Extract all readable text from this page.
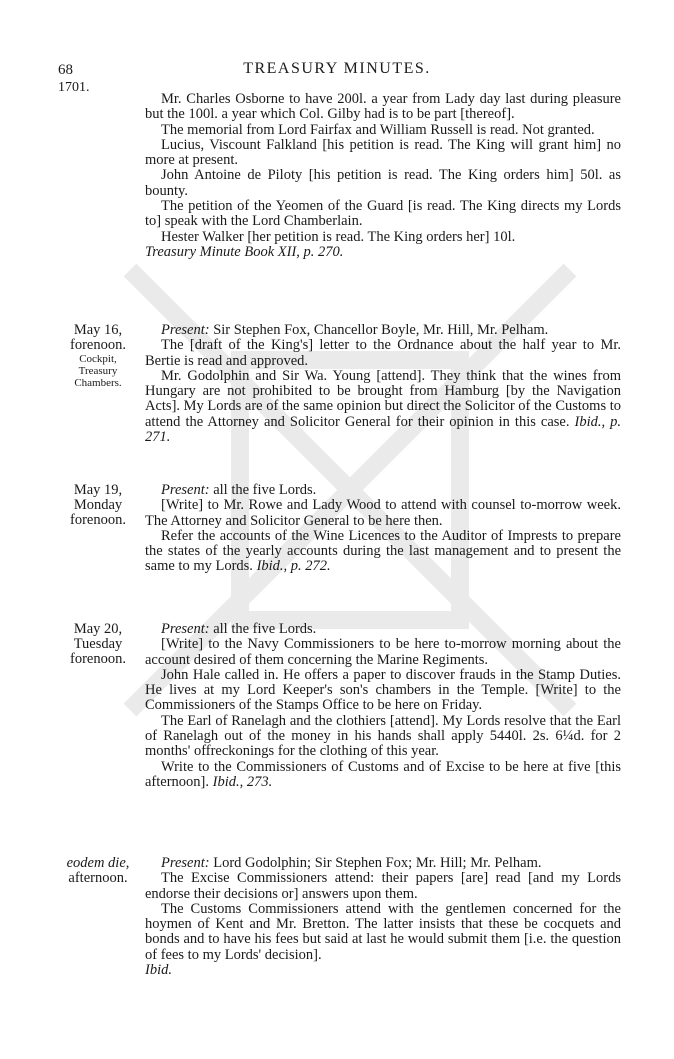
68	TREASURY MINUTES.
1701.

Mr. Charles Osborne to have 200l. a year from Lady day last during pleasure but the 100l. a year which Col. Gilby had is to be part [thereof].

The memorial from Lord Fairfax and William Russell is read. Not granted.

Lucius, Viscount Falkland [his petition is read. The King will grant him] no more at present.

John Antoine de Piloty [his petition is read. The King orders him] 50l. as bounty.

The petition of the Yeomen of the Guard [is read. The King directs my Lords to] speak with the Lord Chamberlain.

Hester Walker [her petition is read. The King orders her] 10l.

Treasury Minute Book XII, p. 270.

May 16,
forenoon.
Cockpit,
Treasury
Chambers.

Present: Sir Stephen Fox, Chancellor Boyle, Mr. Hill, Mr. Pelham.

The [draft of the King's] letter to the Ordnance about the half year to Mr. Bertie is read and approved.

Mr. Godolphin and Sir Wa. Young [attend]. They think that the wines from Hungary are not prohibited to be brought from Hamburg [by the Navigation Acts]. My Lords are of the same opinion but direct the Solicitor of the Customs to attend the Attorney and Solicitor General for their opinion in this case. Ibid., p. 271.

May 19,
Monday
forenoon.

Present: all the five Lords.

[Write] to Mr. Rowe and Lady Wood to attend with counsel to-morrow week. The Attorney and Solicitor General to be here then.

Refer the accounts of the Wine Licences to the Auditor of Imprests to prepare the states of the yearly accounts during the last management and to present the same to my Lords. Ibid., p. 272.

May 20,
Tuesday
forenoon.

Present: all the five Lords.

[Write] to the Navy Commissioners to be here to-morrow morning about the account desired of them concerning the Marine Regiments.

John Hale called in. He offers a paper to discover frauds in the Stamp Duties. He lives at my Lord Keeper's son's chambers in the Temple. [Write] to the Commissioners of the Stamps Office to be here on Friday.

The Earl of Ranelagh and the clothiers [attend]. My Lords resolve that the Earl of Ranelagh out of the money in his hands shall apply 5440l. 2s. 6¼d. for 2 months' offreckonings for the clothing of this year.

Write to the Commissioners of Customs and of Excise to be here at five [this afternoon]. Ibid., 273.

eodem die,
afternoon.

Present: Lord Godolphin; Sir Stephen Fox; Mr. Hill; Mr. Pelham.

The Excise Commissioners attend: their papers [are] read [and my Lords endorse their decisions or] answers upon them.

The Customs Commissioners attend with the gentlemen concerned for the hoymen of Kent and Mr. Bretton. The latter insists that these be cocquets and bonds and to have his fees but said at last he would submit them [i.e. the question of fees to my Lords' decision].

Ibid.
